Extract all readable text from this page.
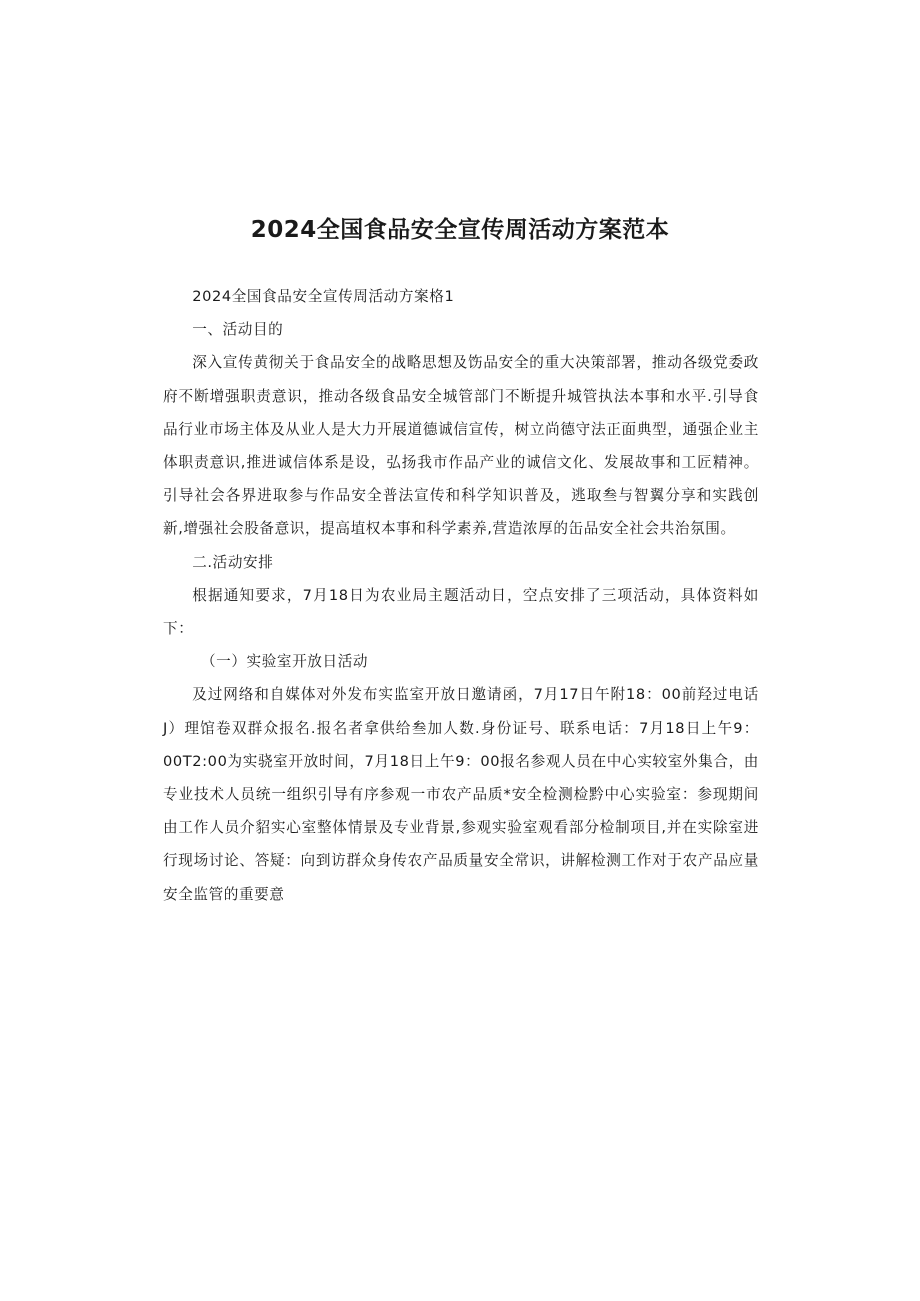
2024全国食品安全宣传周活动方案范本

2024全国食品安全宣传周活动方案格1

一、活动目的

深入宣传黄彻关于食品安全的战略思想及饬品安全的重大决策部署，推动各级党委政府不断增强职责意识，推动各级食品安全城管部门不断提升城管执法本事和水平.引导食品行业市场主体及从业人是大力开展道德诚信宣传，树立尚德守法正面典型，通强企业主体职责意识,推进诚信体系是设，弘扬我市作品产业的诚信文化、发展故事和工匠精神。引导社会各界进取参与作品安全普法宣传和科学知识普及，逃取叁与智翼分享和实践创新,增强社会股备意识，提高埴权本事和科学素养,营造浓厚的缶品安全社会共治氛围。

二.活动安排

根据通知要求，7月18日为农业局主题活动日，空点安排了三项活动，具体资料如下：

（一）实验室开放日活动

及过网络和自媒体对外发布实监室开放日邀请函，7月17日午附18：00前羟过电话J）理馆卷双群众报名.报名者拿供给叁加人数.身份证号、联系电话：7月18日上午9：00T2:00为实骁室开放时间，7月18日上午9：00报名参观人员在中心实较室外集合，由专业技术人员统一组织引导有序参观一市农产品质*安全检测检黔中心实验室：参现期间由工作人员介貂实心室整体情景及专业背景,参观实验室观看部分检制项目,并在实除室进行现场讨论、答疑：向到访群众身传农产品质量安全常识，讲解检测工作对于农产品应量安全监管的重要意
